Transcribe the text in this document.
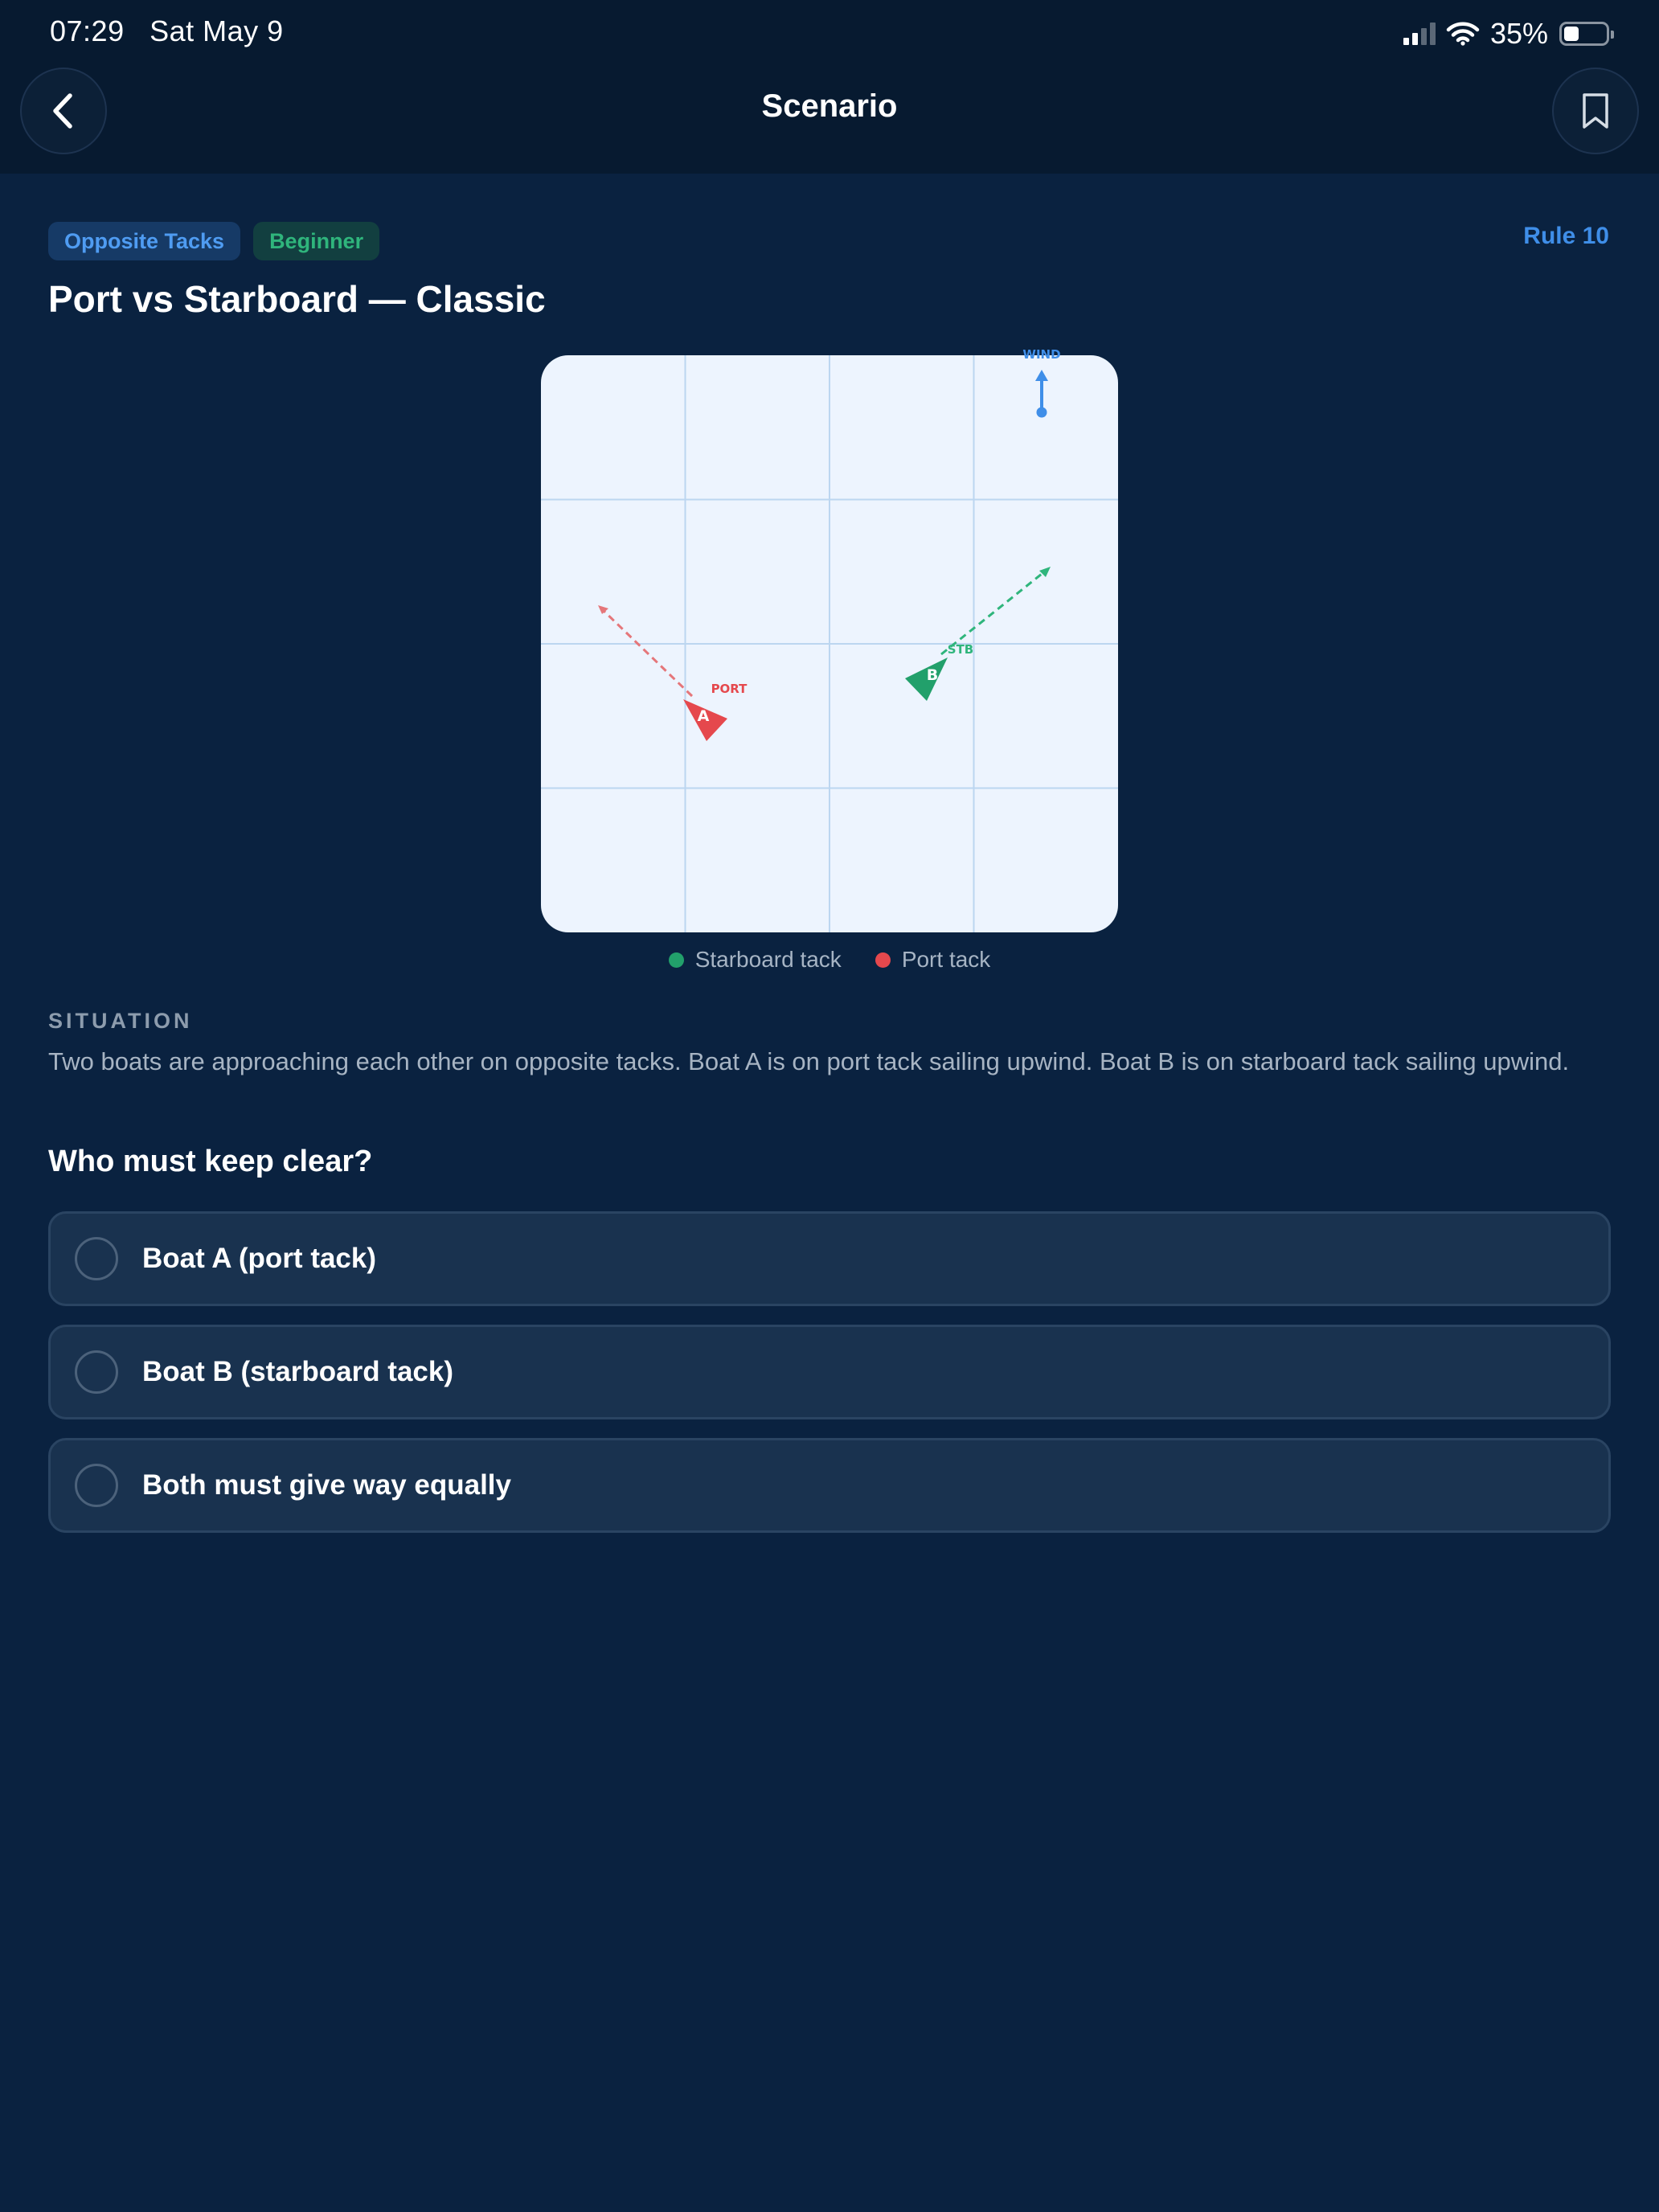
07:29 Sat May 9	35%
Scenario
Opposite Tacks	Beginner	Rule 10
Port vs Starboard — Classic
WIND
A
PORT
B
STB
Starboard tack	Port tack
SITUATION
Two boats are approaching each other on opposite tacks. Boat A is on port tack sailing upwind. Boat B is on starboard tack sailing upwind.
Who must keep clear?
Boat A (port tack)
Boat B (starboard tack)
Both must give way equally
